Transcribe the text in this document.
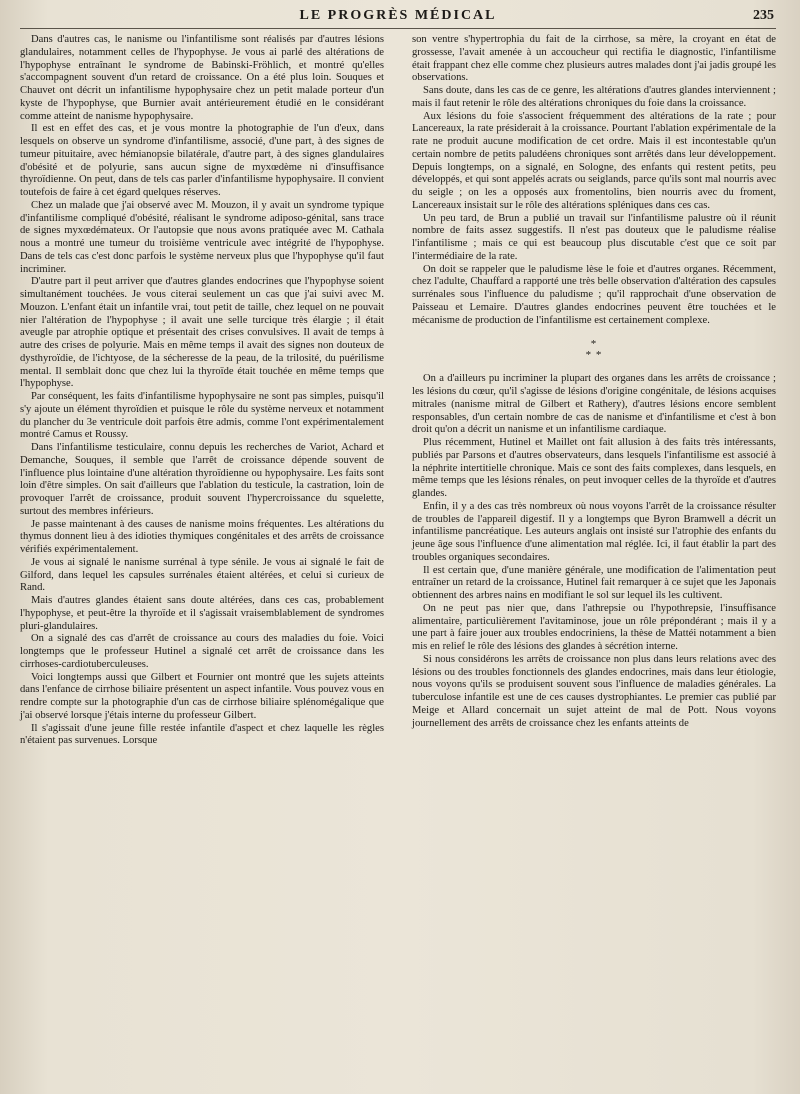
LE PROGRÈS MÉDICAL	235

Dans d'autres cas, le nanisme ou l'infantilisme sont réalisés par d'autres lésions glandulaires, notamment celles de l'hypophyse. Je vous ai parlé des altérations de l'hypophyse entraînant le syndrome de Babinski-Fröhlich, et montré qu'elles s'accompagnent souvent d'un retard de croissance. On a été plus loin. Souques et Chauvet ont décrit un infantilisme hypophysaire chez un petit malade porteur d'un kyste de l'hypophyse, que Burnier avait antérieurement étudié en le considérant comme atteint de nanisme hypophysaire.

Il est en effet des cas, et je vous montre la photographie de l'un d'eux, dans lesquels on observe un syndrome d'infantilisme, associé, d'une part, à des signes de tumeur pituitaire, avec hémianopsie bilatérale, d'autre part, à des signes glandulaires d'obésité et de polyurie, sans aucun signe de myxœdème ni d'insuffisance thyroïdienne. On peut, dans de tels cas parler d'infantilisme hypophysaire. Il convient toutefois de faire à cet égard quelques réserves.

Chez un malade que j'ai observé avec M. Mouzon, il y avait un syndrome typique d'infantilisme compliqué d'obésité, réalisant le syndrome adiposo-génital, sans trace de signes myxœdémateux. Or l'autopsie que nous avons pratiquée avec M. Cathala nous a montré une tumeur du troisième ventricule avec intégrité de l'hypophyse. Dans de tels cas c'est donc parfois le système nerveux plus que l'hypophyse qu'il faut incriminer.

D'autre part il peut arriver que d'autres glandes endocrines que l'hypophyse soient simultanément touchées. Je vous citerai seulement un cas que j'ai suivi avec M. Mouzon. L'enfant était un infantile vrai, tout petit de taille, chez lequel on ne pouvait nier l'altération de l'hypophyse ; il avait une selle turcique très élargie ; il était aveugle par atrophie optique et présentait des crises convulsives. Il avait de temps à autre des crises de polyurie. Mais en même temps il avait des signes non douteux de dysthyroïdie, de l'ichtyose, de la sécheresse de la peau, de la trilosité, du puérilisme mental. Il semblait donc que chez lui la thyroïde était touchée en même temps que l'hypophyse.

Par conséquent, les faits d'infantilisme hypophysaire ne sont pas simples, puisqu'il s'y ajoute un élément thyroïdien et puisque le rôle du système nerveux et notamment du plancher du 3e ventricule doit parfois être admis, comme l'ont expérimentalement montré Camus et Roussy.

Dans l'infantilisme testiculaire, connu depuis les recherches de Variot, Achard et Demanche, Souques, il semble que l'arrêt de croissance dépende souvent de l'influence plus lointaine d'une altération thyroïdienne ou hypophysaire. Les faits sont loin d'être simples. On sait d'ailleurs que l'ablation du testicule, la castration, loin de provoquer l'arrêt de croissance, produit souvent l'hypercroissance du squelette, surtout des membres inférieurs.

Je passe maintenant à des causes de nanisme moins fréquentes. Les altérations du thymus donnent lieu à des idioties thymiques congénitales et des arrêts de croissance vérifiés expérimentalement.

Je vous ai signalé le nanisme surrénal à type sénile. Je vous ai signalé le fait de Gilford, dans lequel les capsules surrénales étaient altérées, et celui si curieux de Rand.

Mais d'autres glandes étaient sans doute altérées, dans ces cas, probablement l'hypophyse, et peut-être la thyroïde et il s'agissait vraisemblablement de syndromes pluri-glandulaires.

On a signalé des cas d'arrêt de croissance au cours des maladies du foie. Voici longtemps que le professeur Hutinel a signalé cet arrêt de croissance dans les cirrhoses-cardiotuberculeuses.

Voici longtemps aussi que Gilbert et Fournier ont montré que les sujets atteints dans l'enfance de cirrhose biliaire présentent un aspect infantile. Vous pouvez vous en rendre compte sur la photographie d'un cas de cirrhose biliaire splénomégalique que j'ai observé lorsque j'étais interne du professeur Gilbert.

Il s'agissait d'une jeune fille restée infantile d'aspect et chez laquelle les règles n'étaient pas survenues. Lorsque

son ventre s'hypertrophia du fait de la cirrhose, sa mère, la croyant en état de grossesse, l'avait amenée à un accoucheur qui rectifia le diagnostic, l'infantilisme était frappant chez elle comme chez plusieurs autres malades dont j'ai jadis groupé les observations.

Sans doute, dans les cas de ce genre, les altérations d'autres glandes interviennent ; mais il faut retenir le rôle des altérations chroniques du foie dans la croissance.

Aux lésions du foie s'associent fréquemment des altérations de la rate ; pour Lancereaux, la rate présiderait à la croissance. Pourtant l'ablation expérimentale de la rate ne produit aucune modification de cet ordre. Mais il est incontestable qu'un certain nombre de petits paludéens chroniques sont arrêtés dans leur développement. Depuis longtemps, on a signalé, en Sologne, des enfants qui restent petits, peu développés, et qui sont appelés acrats ou seiglands, parce qu'ils sont mal nourris avec du seigle ; on les a opposés aux fromentolins, bien nourris avec du froment, Lancereaux insistait sur le rôle des altérations spléniques dans ces cas.

Un peu tard, de Brun a publié un travail sur l'infantilisme palustre où il réunit nombre de faits assez suggestifs. Il n'est pas douteux que le paludisme réalise l'infantilisme ; mais ce qui est beaucoup plus discutable c'est que ce soit par l'intermédiaire de la rate.

On doit se rappeler que le paludisme lèse le foie et d'autres organes. Récemment, chez l'adulte, Chauffard a rapporté une très belle observation d'altération des capsules surrénales sous l'influence du paludisme ; qu'il rapprochait d'une observation de Paisseau et Lemaire. D'autres glandes endocrines peuvent être touchées et le mécanisme de production de l'infantilisme est certainement complexe.

*
* *

On a d'ailleurs pu incriminer la plupart des organes dans les arrêts de croissance ; les lésions du cœur, qu'il s'agisse de lésions d'origine congénitale, de lésions acquises mitrales (nanisme mitral de Gilbert et Rathery), d'autres lésions encore semblent responsables, d'un certain nombre de cas de nanisme et d'infantilisme et c'est à bon droit qu'on a décrit un nanisme et un infantilisme cardiaque.

Plus récemment, Hutinel et Maillet ont fait allusion à des faits très intéressants, publiés par Parsons et d'autres observateurs, dans lesquels l'infantilisme est associé à la néphrite intertitielle chronique. Mais ce sont des faits complexes, dans lesquels, en même temps que les lésions rénales, on peut invoquer celles de la thyroïde et d'autres glandes.

Enfin, il y a des cas très nombreux où nous voyons l'arrêt de la croissance résulter de troubles de l'appareil digestif. Il y a longtemps que Byron Bramwell a décrit un infantilisme pancréatique. Les auteurs anglais ont insisté sur l'atrophie des enfants du jeune âge sous l'influence d'une alimentation mal réglée. Ici, il faut établir la part des troubles organiques secondaires.

Il est certain que, d'une manière générale, une modification de l'alimentation peut entraîner un retard de la croissance, Hutinel fait remarquer à ce sujet que les Japonais obtiennent des arbres nains en modifiant le sol sur lequel ils les cultivent.

On ne peut pas nier que, dans l'athrepsie ou l'hypothrepsie, l'insuffisance alimentaire, particulièrement l'avitaminose, joue un rôle prépondérant ; mais il y a une part à faire jouer aux troubles endocriniens, la thèse de Mattéi notamment a bien mis en relief le rôle des lésions des glandes à sécrétion interne.

Si nous considérons les arrêts de croissance non plus dans leurs relations avec des lésions ou des troubles fonctionnels des glandes endocrines, mais dans leur étiologie, nous voyons qu'ils se produisent souvent sous l'influence de maladies générales. La tuberculose infantile est une de ces causes dystrophiantes. Le premier cas publié par Meige et Allard concernait un sujet atteint de mal de Pott. Nous voyons journellement des arrêts de croissance chez les enfants atteints de
